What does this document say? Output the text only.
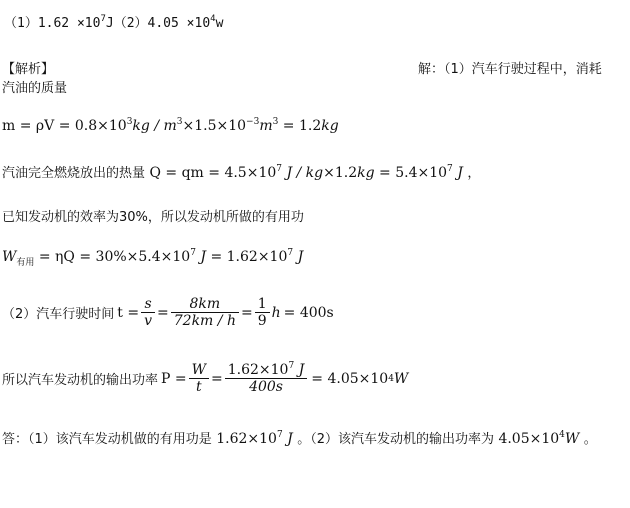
$(1)1.62 \times 10^7J(2)4.05 \times 10^4w$
【解析】	解：（1）汽车行驶过程中，消耗
汽油的质量
$m = \rho V = 0.8\times 10^3kg / m^3\times 1.5\times 10^{-3}m^3 = 1.2kg$
汽油完全燃烧放出的热量 Q = qm = $4.5\times 10^7$ $J / kg\times 1.2kg = 5.4\times 10^7$ J ，
已知发动机的效率为30%，所以发动机所做的有用功
$W_{有用} = \eta Q = 30\%\times 5.4\times 10^7$ $J = 1.62\times 10^7$ J
（2）汽车行驶时间 $t = \frac{s}{v} = \frac{8km}{72km / h} = \frac{1}{9}$ h = 400s
所以汽车发动机的输出功率 $P = \frac{W}{t} = \frac{1.62\times 10^7 J}{400s} = 4.05\times 10$ 4 W
答：（1）该汽车发动机做的有用功是 $1.62\times 10^7$ J 。（2）该汽车发动机的输出功率为 $4.05\times 10^4W$ 。
